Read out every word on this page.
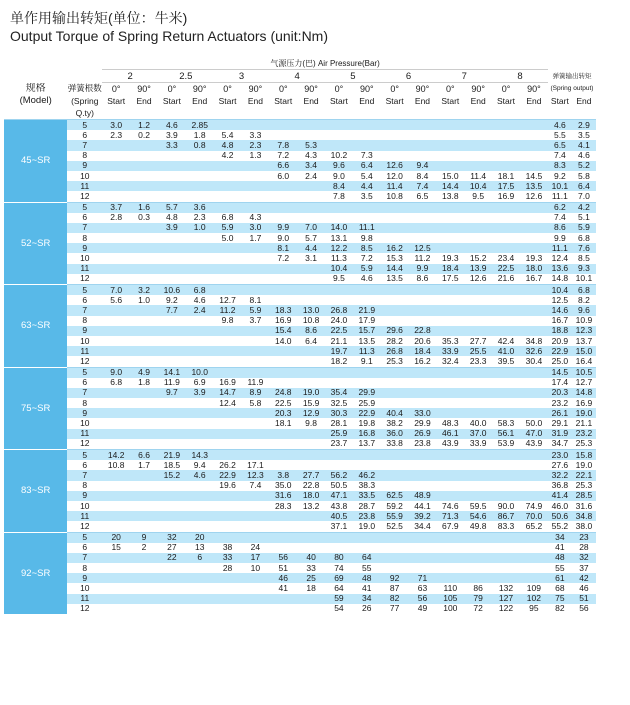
单作用输出转矩(单位：牛米)
Output Torque of Spring Return Actuators (unit:Nm)
		气源压力(巴) Air Pressure(Bar)																	
		2		2.5		3		4		5		6		7		8		弹簧输出转矩	
规格	弹簧根数	0°	90°	0°	90°	0°	90°	0°	90°	0°	90°	0°	90°	0°	90°	0°	90°	(Spring output)	
(Model)	(Spring	Start	End	Start	End	Start	End	Start	End	Start	End	Start	End	Start	End	Start	End	Start	End
	Q.ty)																		
45~SR	5	3.0	1.2	4.6	2.85													4.6	2.9
	6	2.3	0.2	3.9	1.8	5.4	3.3											5.5	3.5
	7			3.3	0.8	4.8	2.3	7.8	5.3									6.5	4.1
	8					4.2	1.3	7.2	4.3	10.2	7.3							7.4	4.6
	9							6.6	3.4	9.6	6.4	12.6	9.4					8.3	5.2
	10							6.0	2.4	9.0	5.4	12.0	8.4	15.0	11.4	18.1	14.5	9.2	5.8
	11									8.4	4.4	11.4	7.4	14.4	10.4	17.5	13.5	10.1	6.4
	12									7.8	3.5	10.8	6.5	13.8	9.5	16.9	12.6	11.1	7.0
52~SR	5	3.7	1.6	5.7	3.6													6.2	4.2
	6	2.8	0.3	4.8	2.3	6.8	4.3											7.4	5.1
	7			3.9	1.0	5.9	3.0	9.9	7.0	14.0	11.1							8.6	5.9
	8					5.0	1.7	9.0	5.7	13.1	9.8							9.9	6.8
	9							8.1	4.4	12.2	8.5	16.2	12.5					11.1	7.6
	10							7.2	3.1	11.3	7.2	15.3	11.2	19.3	15.2	23.4	19.3	12.4	8.5
	11									10.4	5.9	14.4	9.9	18.4	13.9	22.5	18.0	13.6	9.3
	12									9.5	4.6	13.5	8.6	17.5	12.6	21.6	16.7	14.8	10.1
63~SR	5	7.0	3.2	10.6	6.8													10.4	6.8
	6	5.6	1.0	9.2	4.6	12.7	8.1											12.5	8.2
	7			7.7	2.4	11.2	5.9	18.3	13.0	26.8	21.9							14.6	9.6
	8					9.8	3.7	16.9	10.8	24.0	17.9							16.7	10.9
	9							15.4	8.6	22.5	15.7	29.6	22.8					18.8	12.3
	10							14.0	6.4	21.1	13.5	28.2	20.6	35.3	27.7	42.4	34.8	20.9	13.7
	11									19.7	11.3	26.8	18.4	33.9	25.5	41.0	32.6	22.9	15.0
	12									18.2	9.1	25.3	16.2	32.4	23.3	39.5	30.4	25.0	16.4
75~SR	5	9.0	4.9	14.1	10.0													14.5	10.5
	6	6.8	1.8	11.9	6.9	16.9	11.9											17.4	12.7
	7			9.7	3.9	14.7	8.9	24.8	19.0	35.4	29.9							20.3	14.8
	8					12.4	5.8	22.5	15.9	32.5	25.9							23.2	16.9
	9							20.3	12.9	30.3	22.9	40.4	33.0					26.1	19.0
	10							18.1	9.8	28.1	19.8	38.2	29.9	48.3	40.0	58.3	50.0	29.1	21.1
	11									25.9	16.8	36.0	26.9	46.1	37.0	56.1	47.0	31.9	23.2
	12									23.7	13.7	33.8	23.8	43.9	33.9	53.9	43.9	34.7	25.3
83~SR	5	14.2	6.6	21.9	14.3													23.0	15.8
	6	10.8	1.7	18.5	9.4	26.2	17.1											27.6	19.0
	7			15.2	4.6	22.9	12.3	3.8	27.7	56.2	46.2							32.2	22.1
	8					19.6	7.4	35.0	22.8	50.5	38.3							36.8	25.3
	9							31.6	18.0	47.1	33.5	62.5	48.9					41.4	28.5
	10							28.3	13.2	43.8	28.7	59.2	44.1	74.6	59.5	90.0	74.9	46.0	31.6
	11									40.5	23.8	55.9	39.2	71.3	54.6	86.7	70.0	50.6	34.8
	12									37.1	19.0	52.5	34.4	67.9	49.8	83.3	65.2	55.2	38.0
92~SR	5	20	9	32	20													34	23
	6	15	2	27	13	38	24											41	28
	7			22	6	33	17	56	40	80	64							48	32
	8					28	10	51	33	74	55							55	37
	9							46	25	69	48	92	71					61	42
	10							41	18	64	41	87	63	110	86	132	109	68	46
	11									59	34	82	56	105	79	127	102	75	51
	12									54	26	77	49	100	72	122	95	82	56
